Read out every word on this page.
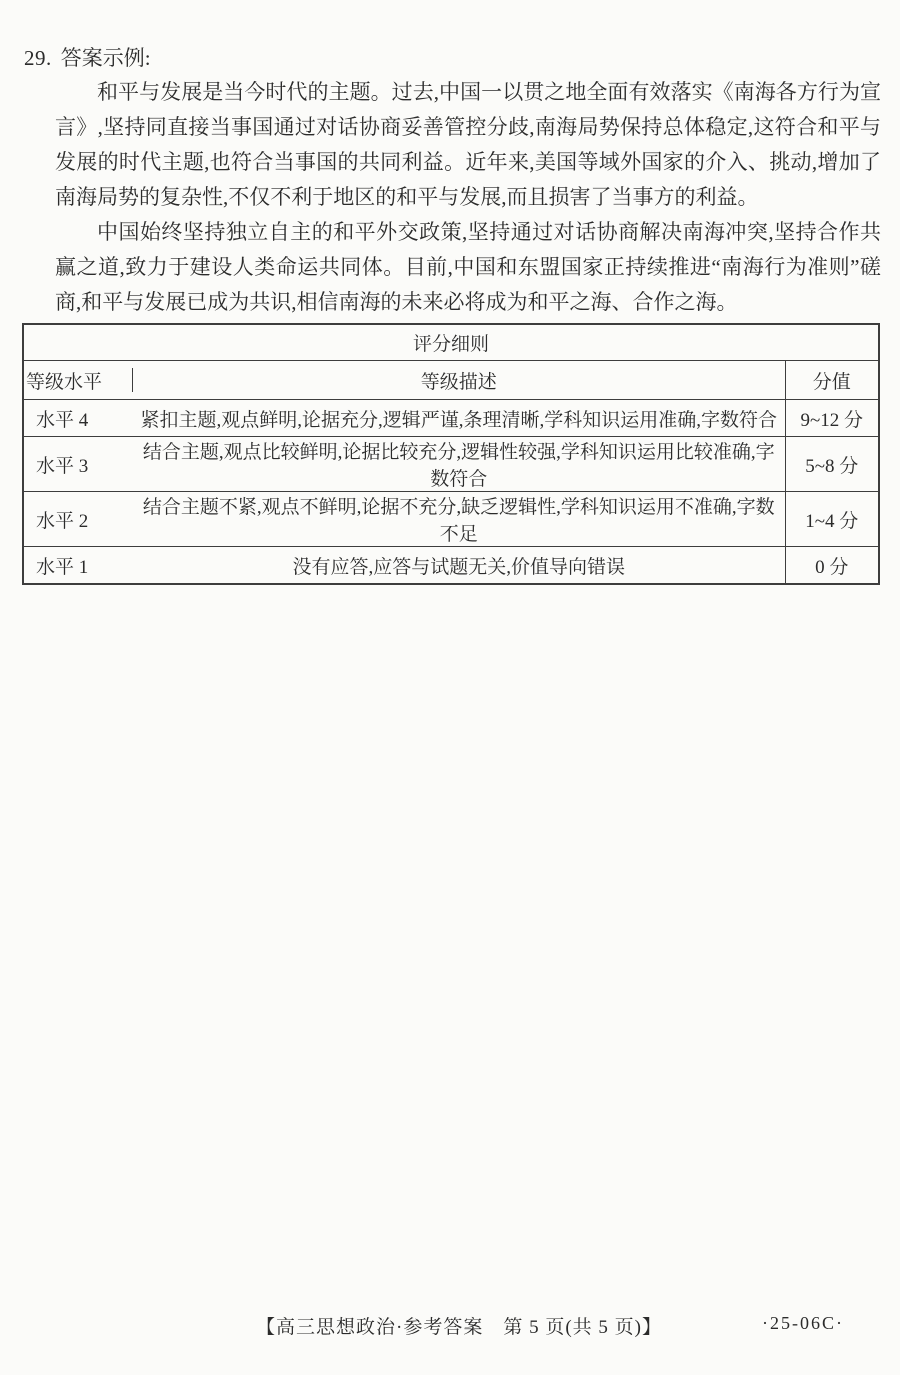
29. 答案示例:

和平与发展是当今时代的主题。过去,中国一以贯之地全面有效落实《南海各方行为宣言》,坚持同直接当事国通过对话协商妥善管控分歧,南海局势保持总体稳定,这符合和平与发展的时代主题,也符合当事国的共同利益。近年来,美国等域外国家的介入、挑动,增加了南海局势的复杂性,不仅不利于地区的和平与发展,而且损害了当事方的利益。

中国始终坚持独立自主的和平外交政策,坚持通过对话协商解决南海冲突,坚持合作共赢之道,致力于建设人类命运共同体。目前,中国和东盟国家正持续推进“南海行为准则”磋商,和平与发展已成为共识,相信南海的未来必将成为和平之海、合作之海。

评分细则		
等级水平	等级描述	分值
水平 4	紧扣主题,观点鲜明,论据充分,逻辑严谨,条理清晰,学科知识运用准确,字数符合	9~12 分
水平 3	结合主题,观点比较鲜明,论据比较充分,逻辑性较强,学科知识运用比较准确,字数符合	5~8 分
水平 2	结合主题不紧,观点不鲜明,论据不充分,缺乏逻辑性,学科知识运用不准确,字数不足	1~4 分
水平 1	没有应答,应答与试题无关,价值导向错误	0 分
【高三思想政治·参考答案　第 5 页(共 5 页)】	·25-06C·
